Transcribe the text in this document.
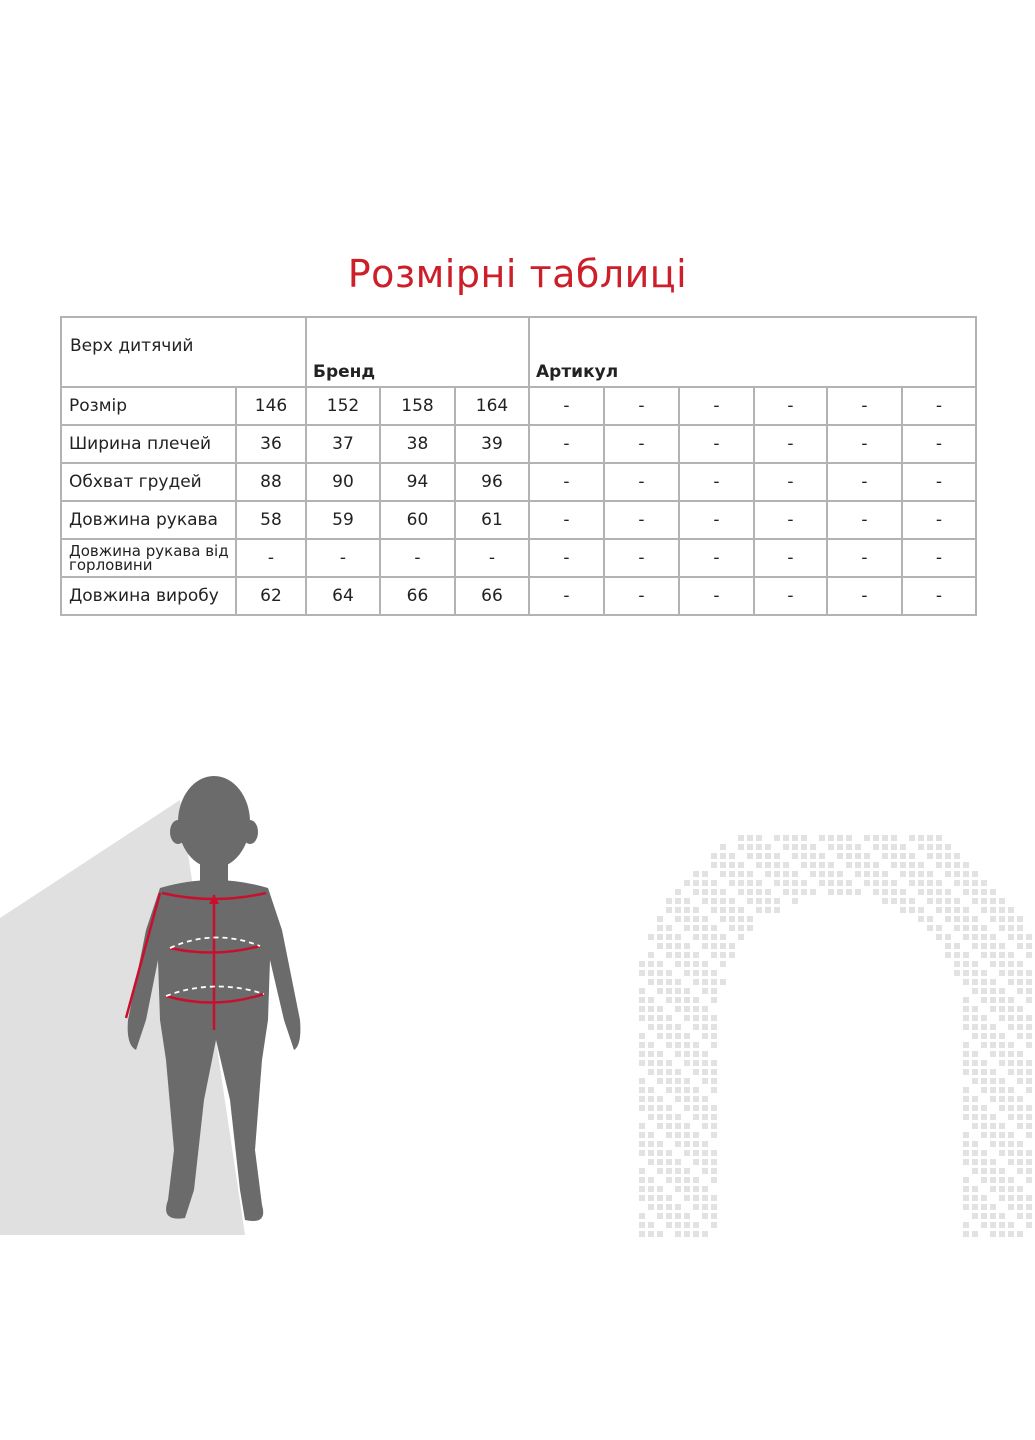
Розмірні таблиці
Верх дитячий		Бренд			Артикул					
Розмір	146	152	158	164	-	-	-	-	-	-
Ширина плечей	36	37	38	39	-	-	-	-	-	-
Обхват грудей	88	90	94	96	-	-	-	-	-	-
Довжина рукава	58	59	60	61	-	-	-	-	-	-
Довжина рукава від горловини	-	-	-	-	-	-	-	-	-	-
Довжина виробу	62	64	66	66	-	-	-	-	-	-
